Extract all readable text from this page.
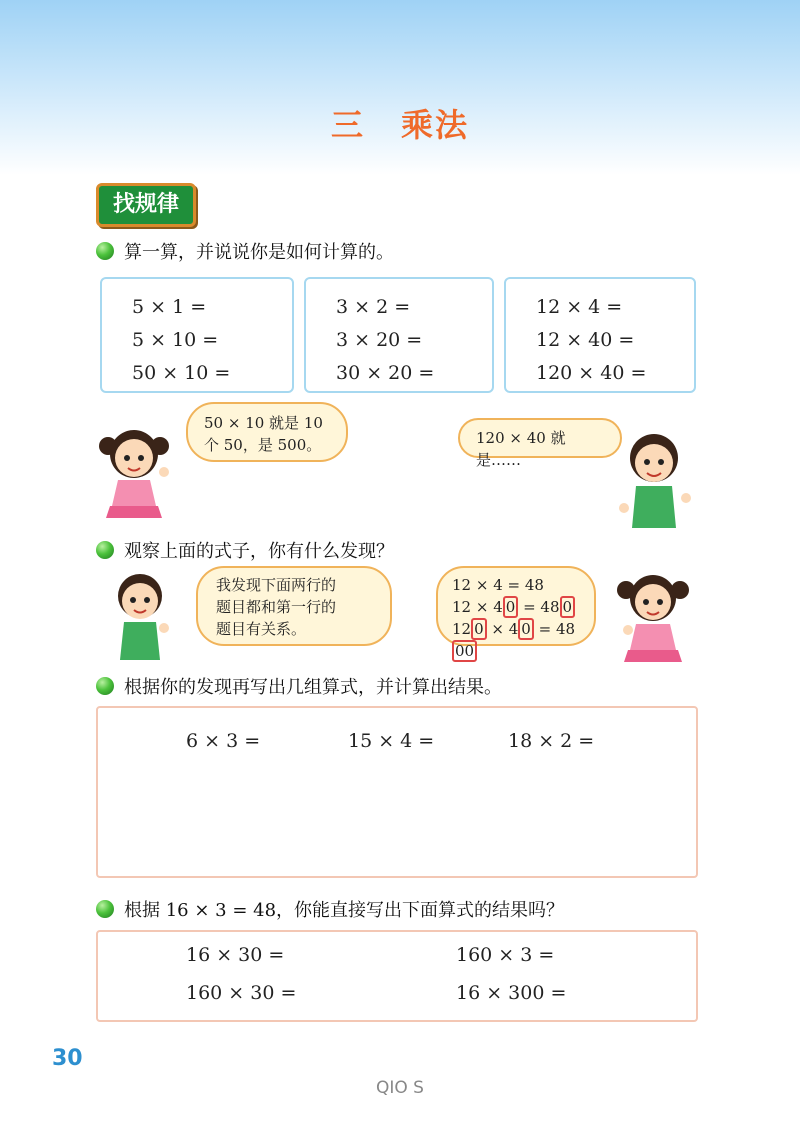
三 乘法
找规律
算一算，并说说你是如何计算的。
5 × 1 =
5 × 10 =
50 × 10 =
3 × 2 =
3 × 20 =
30 × 20 =
12 × 4 =
12 × 40 =
120 × 40 =
50 × 10 就是 10
个 50，是 500。	120 × 40 就是……
观察上面的式子，你有什么发现？
我发现下面两行的
题目都和第一行的
题目有关系。
12 × 4 = 48
12 × 4 0 = 48 0
12 0 × 4 0 = 4800
根据你的发现再写出几组算式，并计算出结果。
6 × 3 =	15 × 4 =	18 × 2 =
根据 16 × 3 = 48，你能直接写出下面算式的结果吗？
16 × 30 =	160 × 3 =
160 × 30 =	16 × 300 =
30
QIO S
